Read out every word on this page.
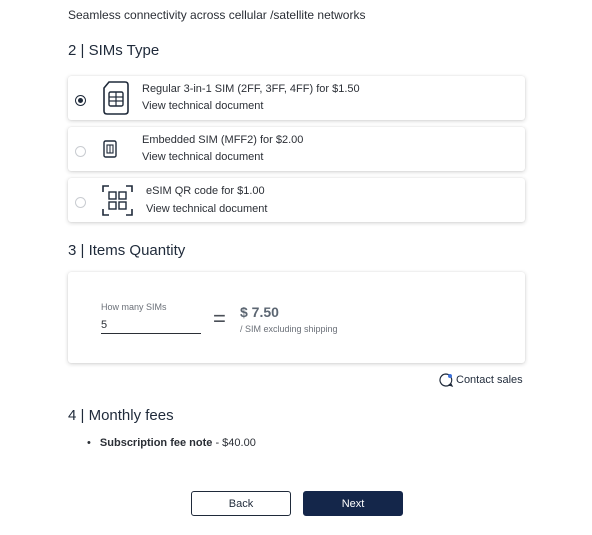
Seamless connectivity across cellular /satellite networks
2 | SIMs Type
Regular 3-in-1 SIM (2FF, 3FF, 4FF) for $1.50
View technical document
Embedded SIM (MFF2) for $2.00
View technical document
eSIM QR code for $1.00
View technical document
3 | Items Quantity
How many SIMs
5 = $ 7.50
/ SIM excluding shipping
Contact sales
4 | Monthly fees
• Subscription fee note - $40.00
Back	Next
